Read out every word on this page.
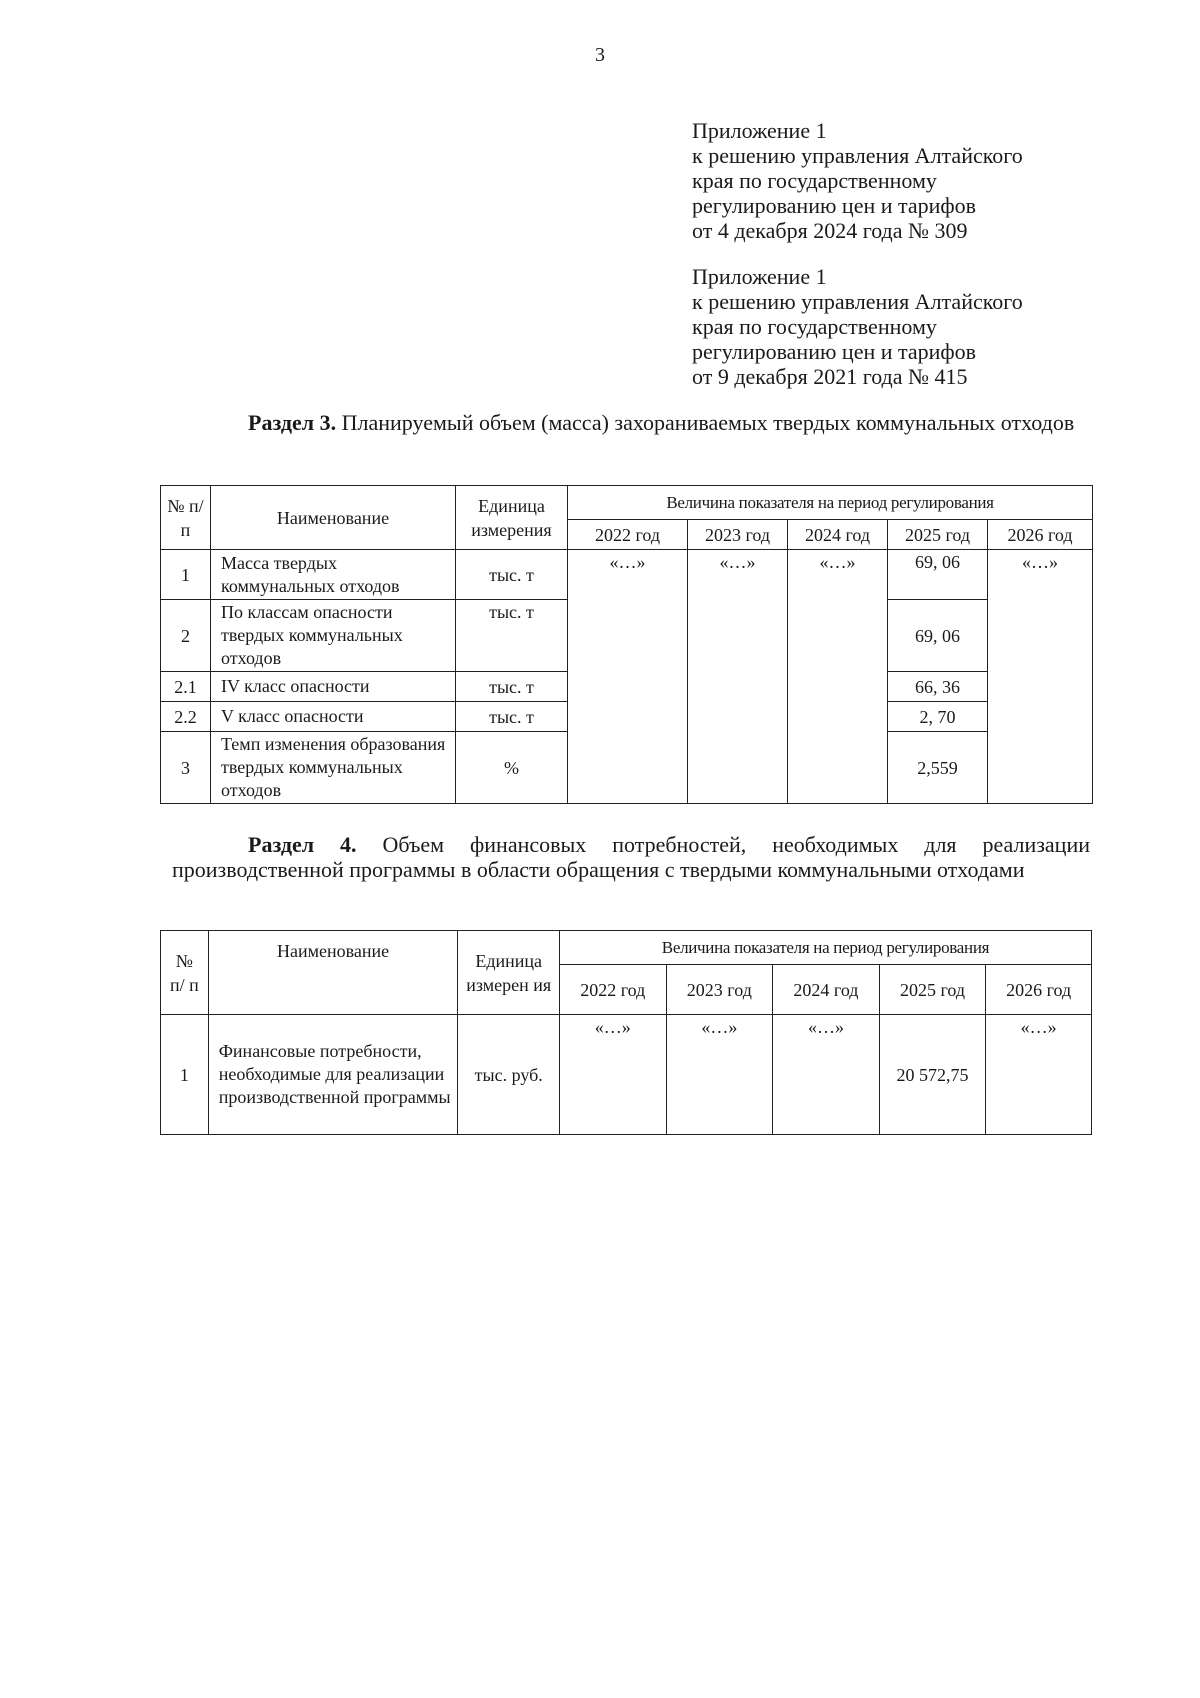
3
Приложение 1
к решению управления Алтайского
края по государственному
регулированию цен и тарифов
от 4 декабря 2024 года № 309
Приложение 1
к решению управления Алтайского
края по государственному
регулированию цен и тарифов
от 9 декабря 2021 года № 415
Раздел 3. Планируемый объем (масса) захораниваемых твердых коммунальных отходов
№ п/п	Наименование	Единица измерения	Величина показателя на период регулирования				
			2022 год	2023 год	2024 год	2025 год	2026 год
1	Масса твердых коммунальных отходов	тыс. т	«…»	«…»	«…»	69, 06	«…»
2	По классам опасности твердых коммунальных отходов	тыс. т				69, 06	
2.1	IV класс опасности	тыс. т				66, 36	
2.2	V класс опасности	тыс. т				2, 70	
3	Темп изменения образования твердых коммунальных отходов	%				2,559	
Раздел 4. Объем финансовых потребностей, необходимых для реализации производственной программы в области обращения с твердыми коммунальными отходами
№ п/ п	Наименование	Единица измерен ия	Величина показателя на период регулирования				
			2022 год	2023 год	2024 год	2025 год	2026 год
1	Финансовые потребности, необходимые для реализации производственной программы	тыс. руб.	«…»	«…»	«…»	20 572,75	«…»
